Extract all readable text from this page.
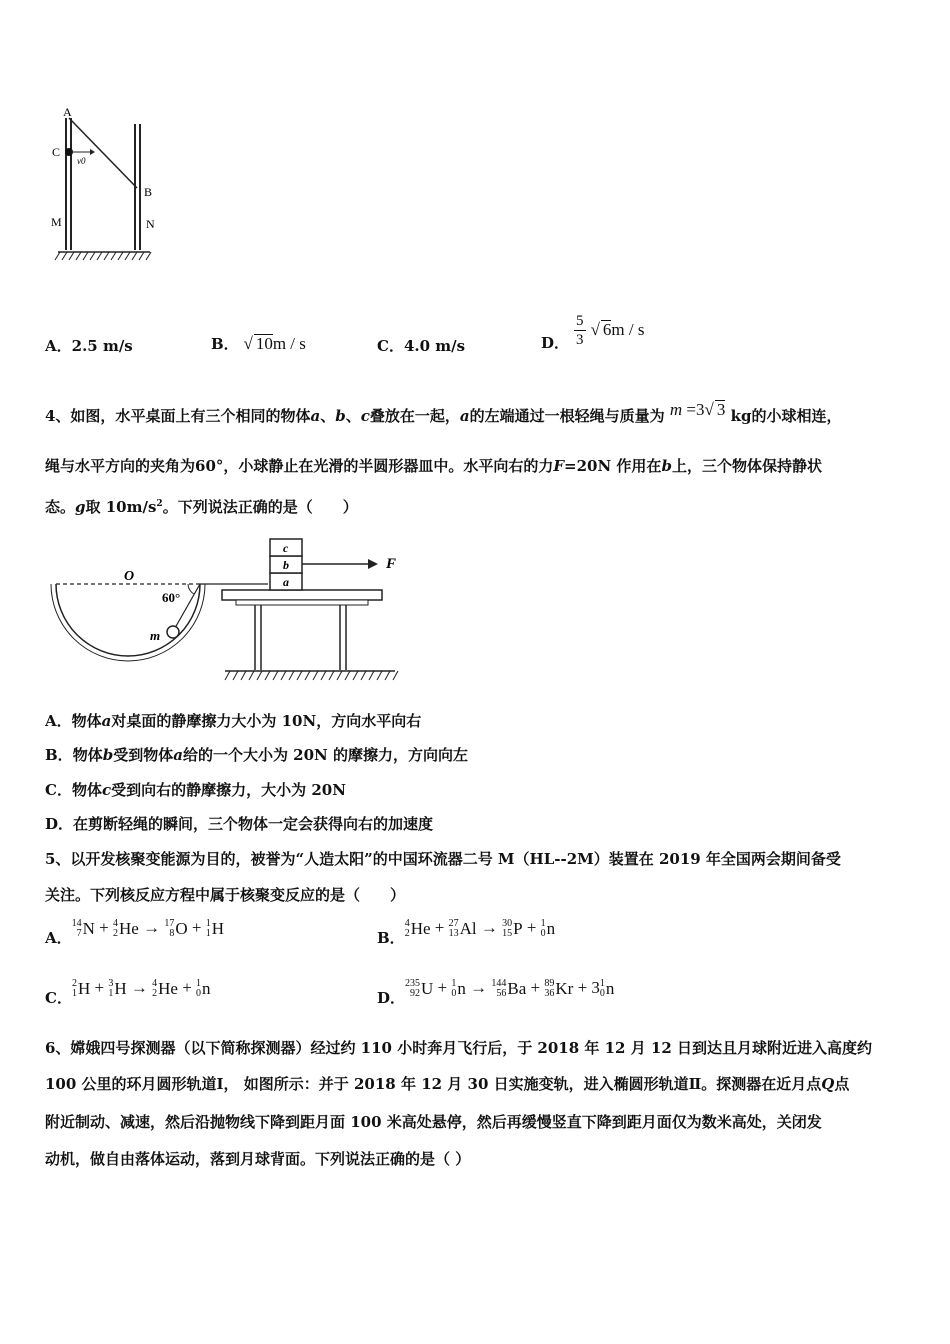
A
C
v0
B
M	N
A．2.5 m/s	B． √ 10m / s	C．4.0 m/s	D． $\frac{5}{3}$ √ 6m / s
4、如图，水平桌面上有三个相同的物体a、b、c叠放在一起，a的左端通过一根轻绳与质量为 m =3√ 3 kg的小球相连，
绳与水平方向的夹角为60°，小球静止在光滑的半圆形器皿中。水平向右的力F=20N 作用在b上，三个物体保持静状
态。g取 $10m/s^2$。下列说法正确的是（　　）
O
60°
m
a
b
c
F
A．物体a对桌面的静摩擦力大小为 10N，方向水平向右
B．物体b受到物体a给的一个大小为 20N 的摩擦力，方向向左
C．物体c受到向右的静摩擦力，大小为 20N
D．在剪断轻绳的瞬间，三个物体一定会获得向右的加速度
5、以开发核聚变能源为目的，被誉为“人造太阳”的中国环流器二号 M（HL--2M）装置在 2019 年全国两会期间备受
关注。下列核反应方程中属于核聚变反应的是（　　）
A．
14
7 N + 4
2 He → 17
8 O + 1
1 H	B．
4
2 He + 27
13 Al → 30
15 P + 1
0 n
C．
2
1 H + 3
1 H → 4
2 He + 1
0 n	D．
235
92 U + 1
0 n → 144
56 Ba + 89
36 Kr + 3 1
0 n
6、嫦娥四号探测器（以下简称探测器）经过约 110 小时奔月飞行后，于 2018 年 12 月 12 日到达且月球附近进入高度约
100 公里的环月圆形轨道Ⅰ， 如图所示：并于 2018 年 12 月 30 日实施变轨，进入椭圆形轨道Ⅱ。探测器在近月点Q点
附近制动、减速，然后沿抛物线下降到距月面 100 米高处悬停，然后再缓慢竖直下降到距月面仅为数米高处，关闭发
动机，做自由落体运动，落到月球背面。下列说法正确的是（ ）
